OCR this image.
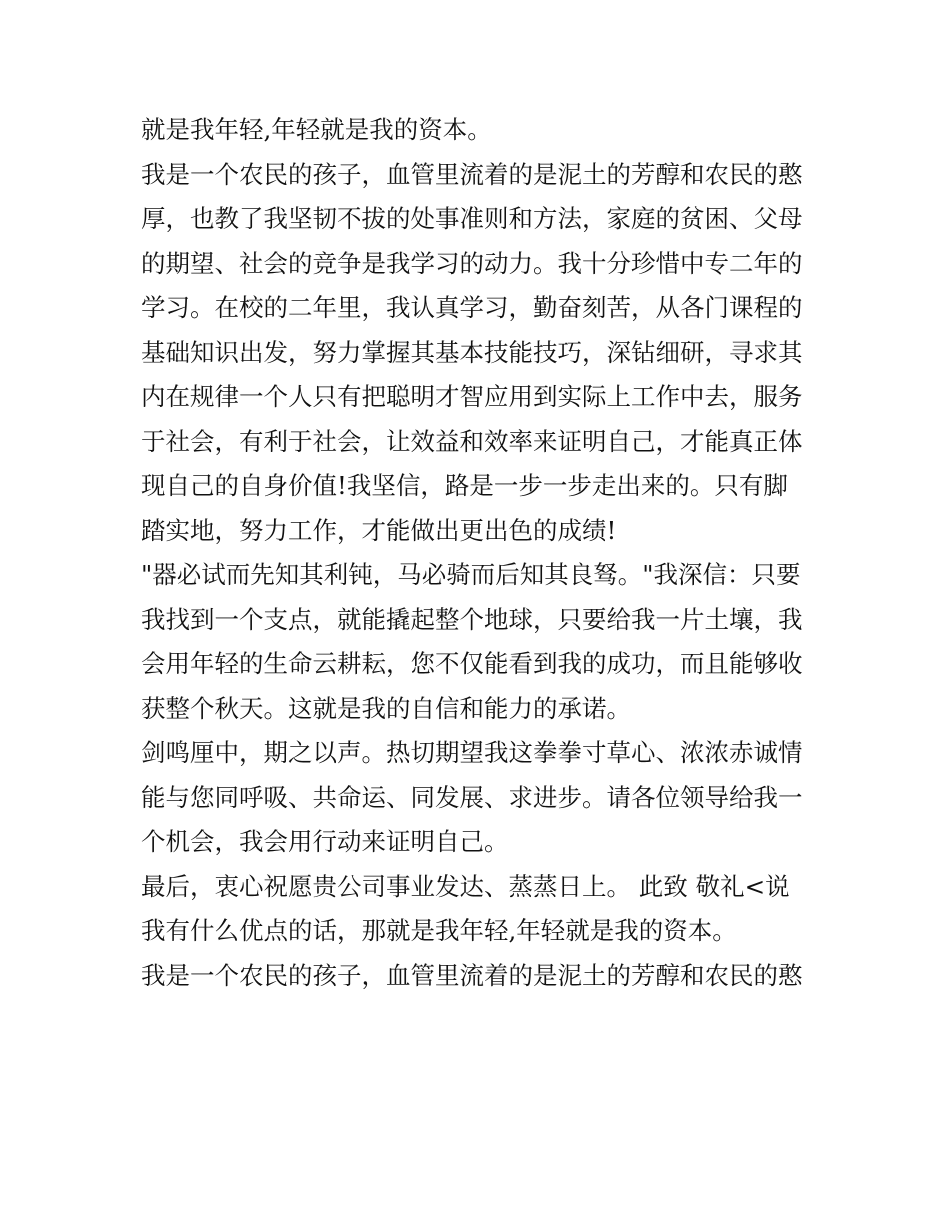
就是我年轻,年轻就是我的资本。
我是一个农民的孩子，血管里流着的是泥土的芳醇和农民的憨
厚，也教了我坚韧不拔的处事准则和方法，家庭的贫困、父母
的期望、社会的竞争是我学习的动力。我十分珍惜中专二年的
学习。在校的二年里，我认真学习，勤奋刻苦，从各门课程的
基础知识出发，努力掌握其基本技能技巧，深钻细研，寻求其
内在规律一个人只有把聪明才智应用到实际上工作中去，服务
于社会，有利于社会，让效益和效率来证明自己，才能真正体
现自己的自身价值!我坚信，路是一步一步走出来的。只有脚
踏实地，努力工作，才能做出更出色的成绩!
"器必试而先知其利钝，马必骑而后知其良驽。"我深信：只要
我找到一个支点，就能撬起整个地球，只要给我一片土壤，我
会用年轻的生命云耕耘，您不仅能看到我的成功，而且能够收
获整个秋天。这就是我的自信和能力的承诺。
剑鸣厘中，期之以声。热切期望我这拳拳寸草心、浓浓赤诚情
能与您同呼吸、共命运、同发展、求进步。请各位领导给我一
个机会，我会用行动来证明自己。
最后，衷心祝愿贵公司事业发达、蒸蒸日上。 此致 敬礼<说
我有什么优点的话，那就是我年轻,年轻就是我的资本。
我是一个农民的孩子，血管里流着的是泥土的芳醇和农民的憨
